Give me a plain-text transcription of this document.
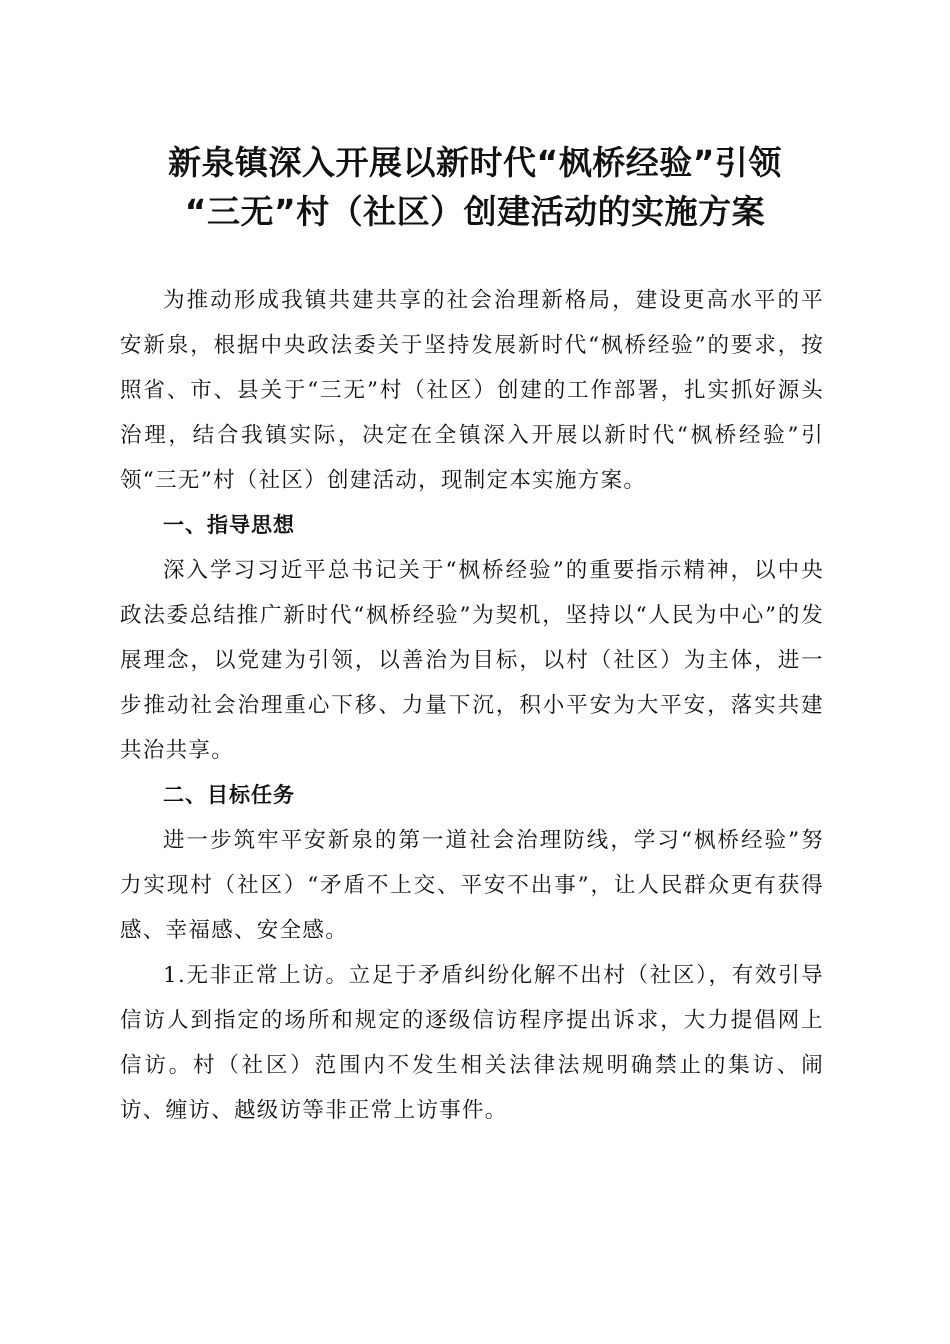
新泉镇深入开展以新时代“枫桥经验”引领
“三无”村（社区）创建活动的实施方案

为推动形成我镇共建共享的社会治理新格局，建设更高水平的平安新泉，根据中央政法委关于坚持发展新时代“枫桥经验”的要求，按照省、市、县关于“三无”村（社区）创建的工作部署，扎实抓好源头治理，结合我镇实际，决定在全镇深入开展以新时代“枫桥经验”引领“三无”村（社区）创建活动，现制定本实施方案。

一、指导思想

深入学习习近平总书记关于“枫桥经验”的重要指示精神，以中央政法委总结推广新时代“枫桥经验”为契机，坚持以“人民为中心”的发展理念，以党建为引领，以善治为目标，以村（社区）为主体，进一步推动社会治理重心下移、力量下沉，积小平安为大平安，落实共建共治共享。

二、目标任务

进一步筑牢平安新泉的第一道社会治理防线，学习“枫桥经验”努力实现村（社区）“矛盾不上交、平安不出事”，让人民群众更有获得感、幸福感、安全感。

1.无非正常上访。立足于矛盾纠纷化解不出村（社区），有效引导信访人到指定的场所和规定的逐级信访程序提出诉求，大力提倡网上信访。村（社区）范围内不发生相关法律法规明确禁止的集访、闹访、缠访、越级访等非正常上访事件。
